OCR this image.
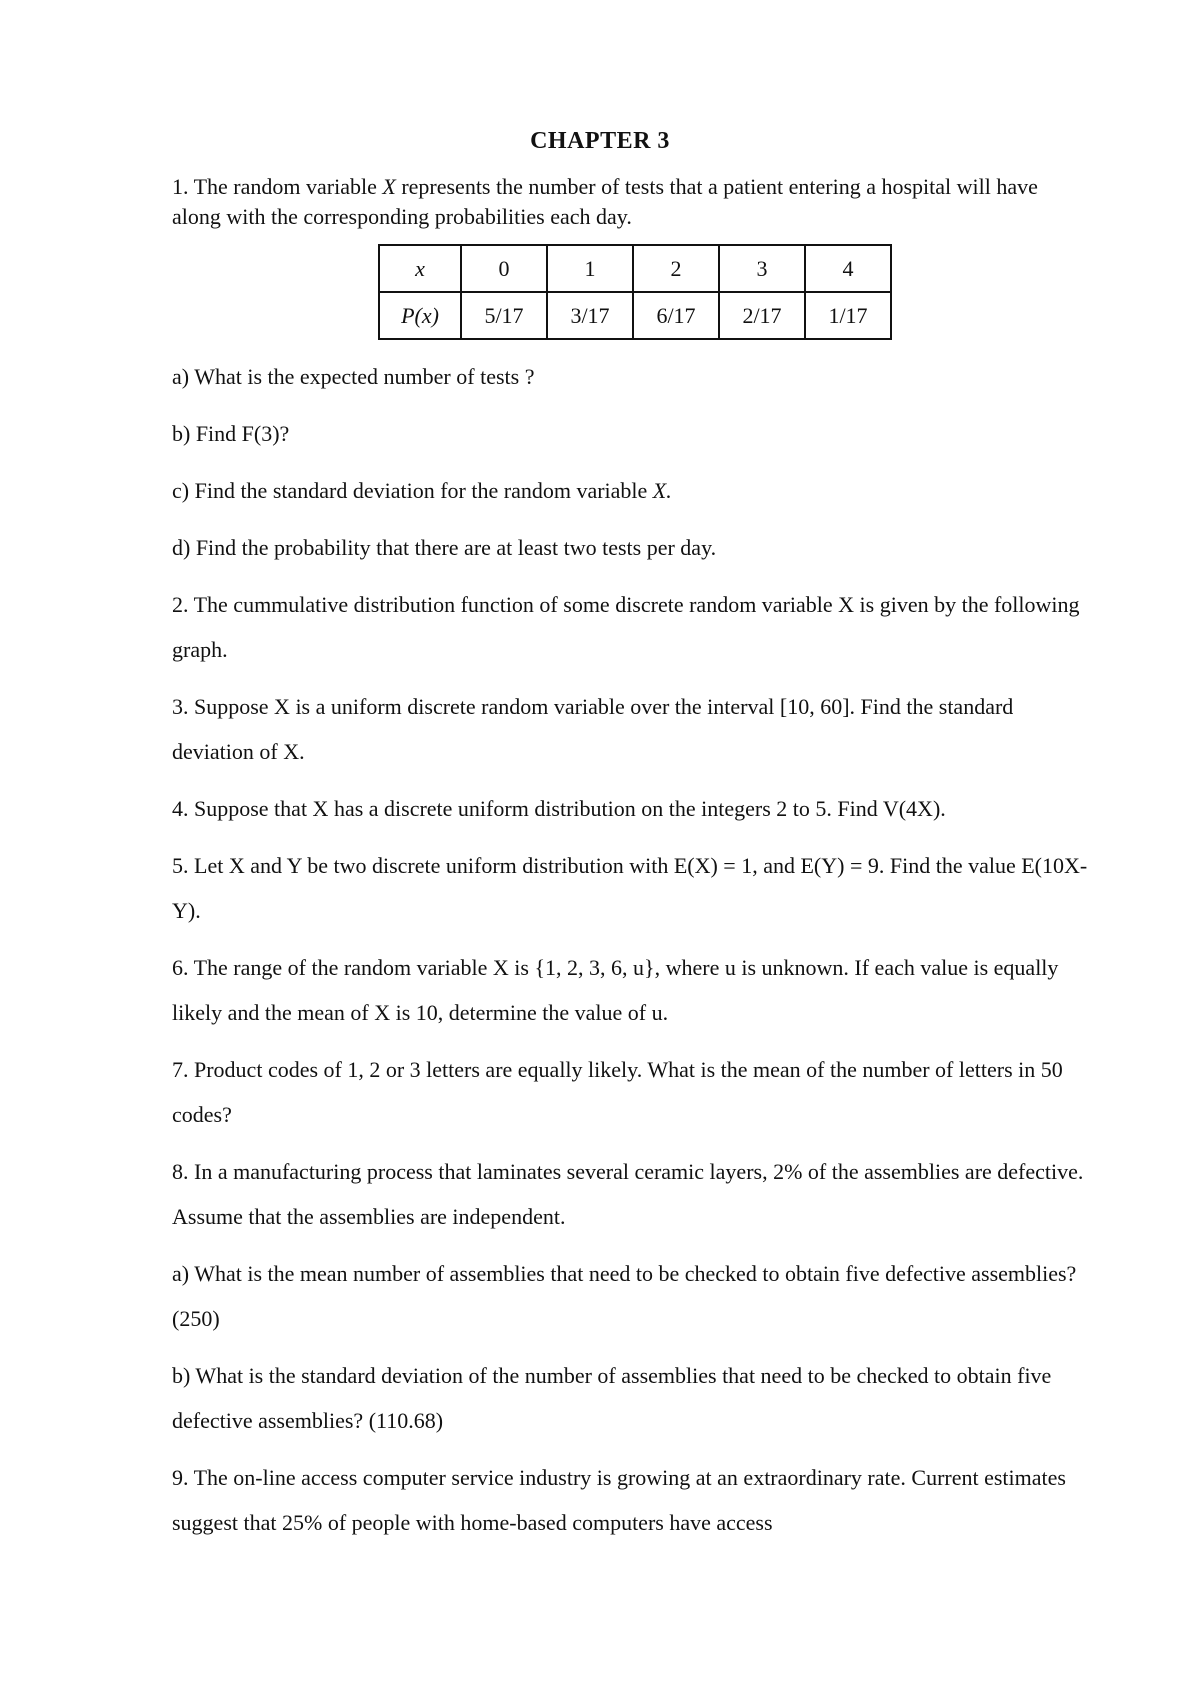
CHAPTER 3

1. The random variable X represents the number of tests that a patient entering a hospital will have along with the corresponding probabilities each day.

x	0	1	2	3	4
P(x)	5/17	3/17	6/17	2/17	1/17

a) What is the expected number of tests ?

b) Find F(3)?

c) Find the standard deviation for the random variable X.

d) Find the probability that there are at least two tests per day.

2. The cummulative distribution function of some discrete random variable X is given by the following graph.

3. Suppose X is a uniform discrete random variable over the interval [10, 60]. Find the standard deviation of X.

4. Suppose that X has a discrete uniform distribution on the integers 2 to 5. Find V(4X).

5. Let X and Y be two discrete uniform distribution with E(X) = 1, and E(Y) = 9. Find the value E(10X-Y).

6. The range of the random variable X is {1, 2, 3, 6, u}, where u is unknown. If each value is equally likely and the mean of X is 10, determine the value of u.

7. Product codes of 1, 2 or 3 letters are equally likely. What is the mean of the number of letters in 50 codes?

8. In a manufacturing process that laminates several ceramic layers, 2% of the assemblies are defective. Assume that the assemblies are independent.

a) What is the mean number of assemblies that need to be checked to obtain five defective assemblies? (250)

b) What is the standard deviation of the number of assemblies that need to be checked to obtain five defective assemblies? (110.68)

9. The on-line access computer service industry is growing at an extraordinary rate. Current estimates suggest that 25% of people with home-based computers have access
